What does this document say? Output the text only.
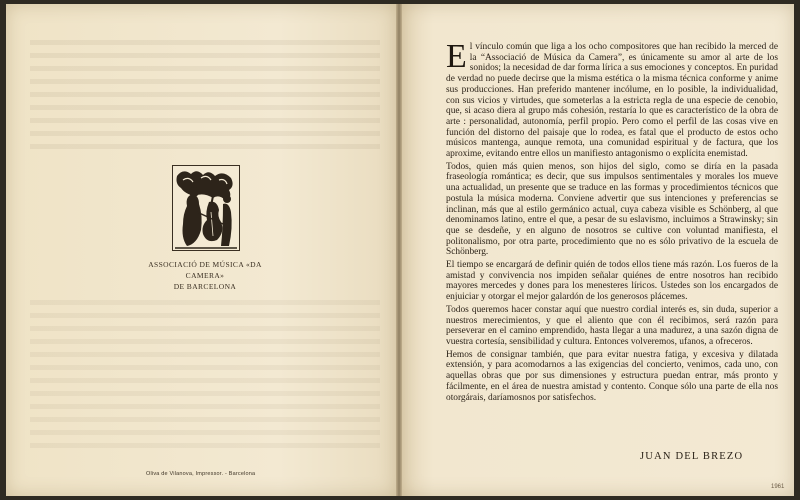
ASSOCIACIÓ DE MÚSICA «DA CAMERA»
DE BARCELONA
Oliva de Vilanova, Impressor. - Barcelona

El vínculo común que liga a los ocho compositores que han recibido la merced de la “Associació de Música da Camera”, es únicamente su amor al arte de los sonidos; la necesidad de dar forma lírica a sus emociones y conceptos. En puridad de verdad no puede decirse que la misma estética o la misma técnica conforme y anime sus producciones. Han preferido mantener incólume, en lo posible, la individualidad, con sus vicios y virtudes, que someterlas a la estricta regla de una especie de cenobio, que, si acaso diera al grupo más cohesión, restaría lo que es característico de la obra de arte : personalidad, autonomía, perfil propio. Pero como el perfil de las cosas vive en función del distorno del paisaje que lo rodea, es fatal que el producto de estos ocho músicos mantenga, aunque remota, una comunidad espiritual y de factura, que los aproxime, evitando entre ellos un manifiesto antagonismo o explícita enemistad.

Todos, quien más quien menos, son hijos del siglo, como se diría en la pasada fraseología romántica; es decir, que sus impulsos sentimentales y morales los mueve una actualidad, un presente que se traduce en las formas y procedimientos técnicos que postula la música moderna. Conviene advertir que sus intenciones y preferencias se inclinan, más que al estilo germánico actual, cuya cabeza visible es Schönberg, al que denominamos latino, entre el que, a pesar de su eslavismo, incluimos a Strawinsky; sin que se desdeñe, y en alguno de nosotros se cultive con voluntad manifiesta, el politonalismo, por otra parte, procedimiento que no es sólo privativo de la escuela de Schönberg.

El tiempo se encargará de definir quién de todos ellos tiene más razón. Los fueros de la amistad y convivencia nos impiden señalar quiénes de entre nosotros han recibido mayores mercedes y dones para los menesteres líricos. Ustedes son los encargados de enjuiciar y otorgar el mejor galardón de los generosos plácemes.

Todos queremos hacer constar aquí que nuestro cordial interés es, sin duda, superior a nuestros merecimientos, y que el aliento que con él recibimos, será razón para perseverar en el camino emprendido, hasta llegar a una madurez, a una sazón digna de vuestra cortesía, sensibilidad y cultura. Entonces volveremos, ufanos, a ofreceros.

Hemos de consignar también, que para evitar nuestra fatiga, y excesiva y dilatada extensión, y para acomodarnos a las exigencias del concierto, venimos, cada uno, con aquellas obras que por sus dimensiones y estructura puedan entrar, más pronto y fácilmente, en el área de nuestra amistad y contento. Conque sólo una parte de ella nos otorgárais, daríamosnos por satisfechos.

JUAN DEL BREZO
1961
